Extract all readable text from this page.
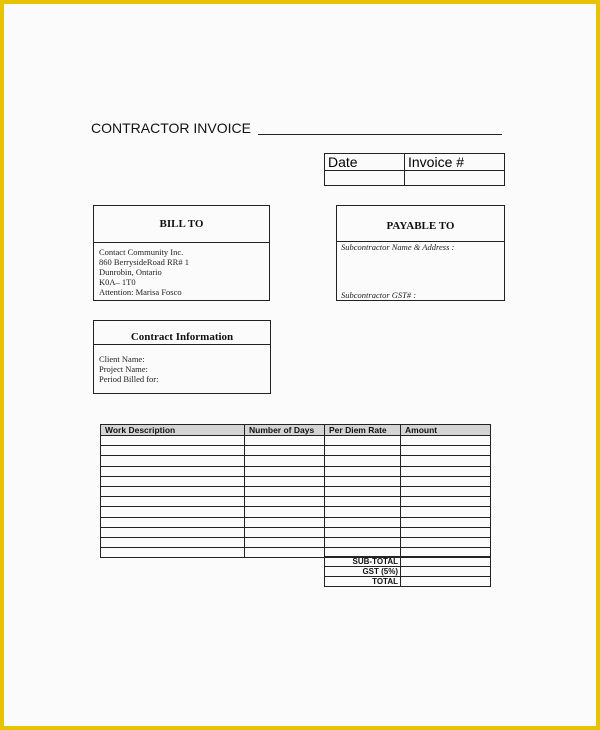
CONTRACTOR INVOICE
Date	Invoice #
BILL TO
Contact Community Inc.
860 BerrysideRoad RR# 1
Dunrobin, Ontario
K0A– 1T0
Attention: Marisa Fosco
PAYABLE TO
Subcontractor Name & Address :
Subcontractor GST# :
Contract Information
Client Name:
Project Name:
Period Billed for:
Work Description	Number of Days	Per Diem Rate	Amount

SUB-TOTAL	
GST (5%)	
TOTAL	
